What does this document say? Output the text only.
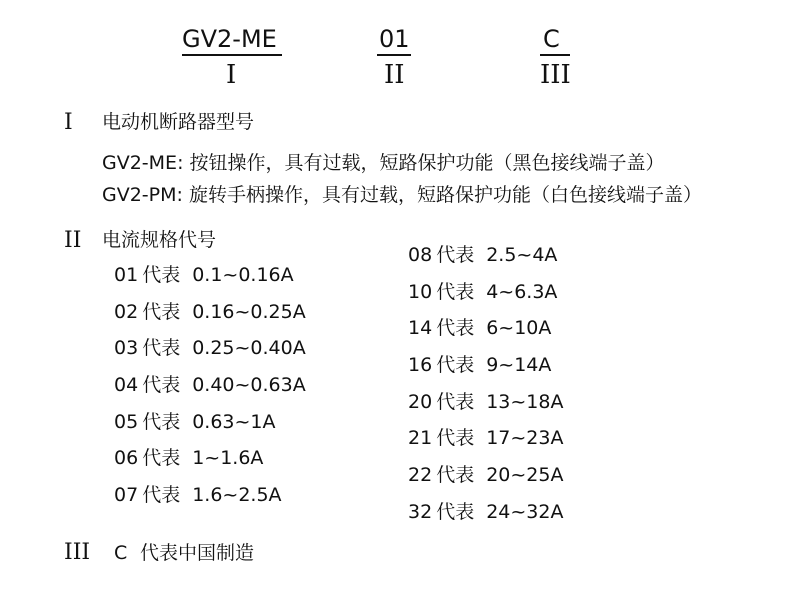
GV2-ME	01	C
I	II	III
I 电动机断路器型号
GV2-ME: 按钮操作，具有过载，短路保护功能（黑色接线端子盖）
GV2-PM: 旋转手柄操作，具有过载，短路保护功能（白色接线端子盖）
II 电流规格代号
01 代表 0.1~0.16A
02 代表 0.16~0.25A
03 代表 0.25~0.40A
04 代表 0.40~0.63A
05 代表 0.63~1A
06 代表 1~1.6A
07 代表 1.6~2.5A
08 代表 2.5~4A
10 代表 4~6.3A
14 代表 6~10A
16 代表 9~14A
20 代表 13~18A
21 代表 17~23A
22 代表 20~25A
32 代表 24~32A
III C 代表中国制造
